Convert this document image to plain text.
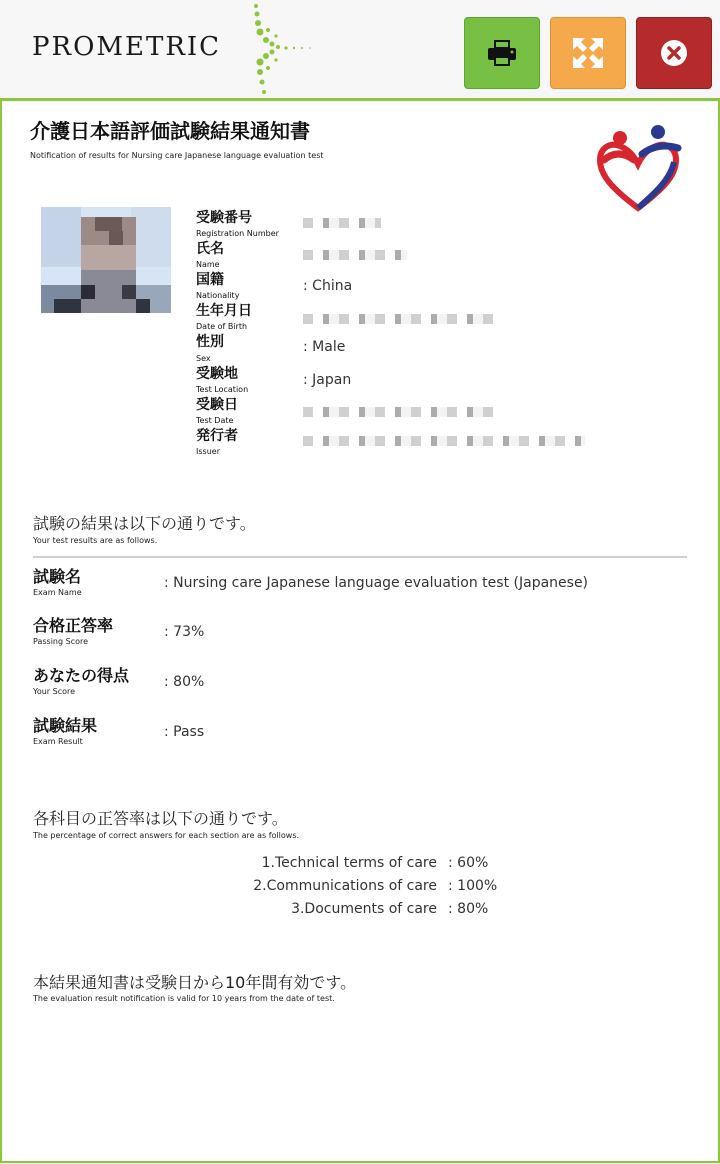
PROMETRIC
介護日本語評価試験結果通知書
Notification of results for Nursing care Japanese language evaluation test
受験番号
Registration Number
氏名
Name
国籍
Nationality
: China
生年月日
Date of Birth
性別
Sex
: Male
受験地
Test Location
: Japan
受験日
Test Date
発行者
Issuer
試験の結果は以下の通りです。
Your test results are as follows.
試験名
Exam Name
: Nursing care Japanese language evaluation test (Japanese)
合格正答率
Passing Score
: 73%
あなたの得点
Your Score
: 80%
試験結果
Exam Result
: Pass
各科目の正答率は以下の通りです。
The percentage of correct answers for each section are as follows.
1.Technical terms of care : 60%
2.Communications of care : 100%
3.Documents of care : 80%
本結果通知書は受験日から10年間有効です。
The evaluation result notification is valid for 10 years from the date of test.
